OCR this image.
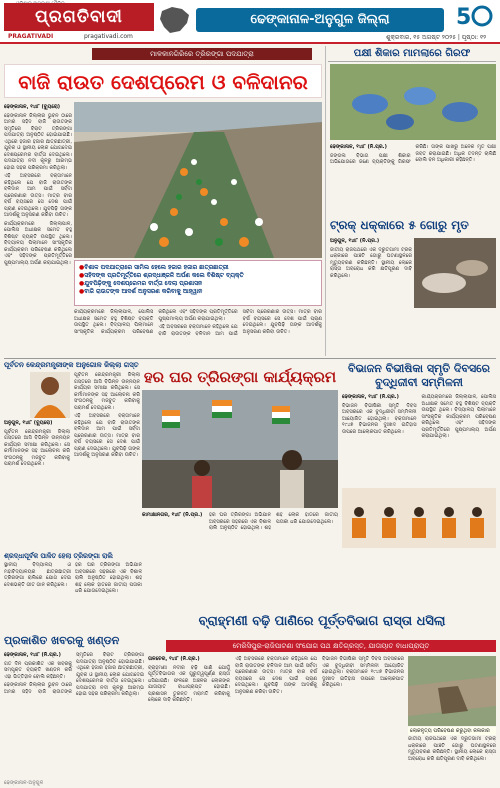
ପ୍ରଗତିବାଦୀ
PRAGATIVADI	pragativadi.com
ଢେଙ୍କାନାଳ-ଅନୁଗୁଳ ଜିଲ୍ଲା	5
ଶୁକ୍ରବାର, ୧୫ ଅଗଷ୍ଟ ୨୦୨୫ | ପୃଷ୍ଠା: ୧୨
ମାଳକାନଗିରିରେ ତ୍ରିରଙ୍ଗା ପଦଯାତ୍ରା
ବାଜି ରାଉତ ଦେଶପ୍ରେମ ଓ ବଳିଦାନର

ଢେଙ୍କାନାଳ, ୧୪ା୮ (ବ୍ୟୁରୋ)

ଢେଙ୍କାନାଳ ଜିଲ୍ଲାର ଭୁବନ ଠାରେ ଅମର ସହିଦ ବାଜି ରାଉତଙ୍କ ସ୍ମୃତିରେ ବିରାଟ ତ୍ରିରଙ୍ଗା ପଦଯାତ୍ରା ଅନୁଷ୍ଠିତ ହୋଇଯାଇଛି। ଏଥିରେ ହଜାର ହଜାର ଛାତ୍ରଛାତ୍ରୀ, ଯୁବକ ଓ ସ୍ଥାନୀୟ ଲୋକ ଯୋଗଦେଇ ଦେଶପ୍ରେମର ବାର୍ତ୍ତା ଦେଇଥିଲେ। ପଦଯାତ୍ରା ନଦୀ କୂଳରୁ ଆରମ୍ଭ ହୋଇ ସହର ପରିକ୍ରମା କରିଥିଲା।

ଏହି ଅବସରରେ ବକ୍ତାମାନେ କହିଥିଲେ ଯେ ବାଜି ରାଉତଙ୍କ ବଳିଦାନ ଆମ ପାଇଁ ସର୍ବଦା ପ୍ରେରଣାର ଉତ୍ସ। ମାତ୍ର ବାର ବର୍ଷ ବୟସରେ ସେ ଦେଶ ପାଇଁ ପ୍ରାଣ ଦେଇଥିଲେ। ଯୁବପିଢ଼ି ତାଙ୍କ ଆଦର୍ଶକୁ ଅନୁସରଣ କରିବା ଉଚିତ।

କାର୍ଯ୍ୟକ୍ରମରେ ଜିଲ୍ଲାପାଳ, ପୋଲିସ ଅଧୀକ୍ଷକ ସମେତ ବହୁ ବିଶିଷ୍ଟ ବ୍ୟକ୍ତି ଉପସ୍ଥିତ ଥିଲେ। ବିଦ୍ୟାଳୟ ପିଲାମାନେ ସାଂସ୍କୃତିକ କାର୍ଯ୍ୟକ୍ରମ ପରିବେଷଣ କରିଥିଲେ ଏବଂ ସହିଦଙ୍କ ପ୍ରତିମୂର୍ତ୍ତିରେ ପୁଷ୍ପମାଲ୍ୟ ଅର୍ପଣ କରାଯାଇଥିଲା।

● ବିଶାଳ ପଦଯାତ୍ରାରେ ସାମିଲ ହେଲେ ହଜାର ହଜାର ଛାତ୍ରଛାତ୍ରୀ
● ସହିଦଙ୍କ ପ୍ରତିମୂର୍ତ୍ତିରେ ଶ୍ରଦ୍ଧାଞ୍ଜଳି ଅର୍ପଣ କଲେ ବିଶିଷ୍ଟ ବ୍ୟକ୍ତି
● ଯୁବପିଢ଼ିଙ୍କୁ ଦେଶପ୍ରେମର ବାର୍ତ୍ତା ଦେଲା ପ୍ରଶାସନ
● ବାଜି ରାଉତଙ୍କ ଆଦର୍ଶ ଅନୁସରଣ କରିବାକୁ ଆହ୍ୱାନ

କାର୍ଯ୍ୟକ୍ରମରେ ଜିଲ୍ଲାପାଳ, ପୋଲିସ ଅଧୀକ୍ଷକ ସମେତ ବହୁ ବିଶିଷ୍ଟ ବ୍ୟକ୍ତି ଉପସ୍ଥିତ ଥିଲେ। ବିଦ୍ୟାଳୟ ପିଲାମାନେ ସାଂସ୍କୃତିକ କାର୍ଯ୍ୟକ୍ରମ ପରିବେଷଣ କରିଥିଲେ ଏବଂ ସହିଦଙ୍କ ପ୍ରତିମୂର୍ତ୍ତିରେ ପୁଷ୍ପମାଲ୍ୟ ଅର୍ପଣ କରାଯାଇଥିଲା।

ଏହି ଅବସରରେ ବକ୍ତାମାନେ କହିଥିଲେ ଯେ ବାଜି ରାଉତଙ୍କ ବଳିଦାନ ଆମ ପାଇଁ ସର୍ବଦା ପ୍ରେରଣାର ଉତ୍ସ। ମାତ୍ର ବାର ବର୍ଷ ବୟସରେ ସେ ଦେଶ ପାଇଁ ପ୍ରାଣ ଦେଇଥିଲେ। ଯୁବପିଢ଼ି ତାଙ୍କ ଆଦର୍ଶକୁ ଅନୁସରଣ କରିବା ଉଚିତ।

ପକ୍ଷୀ ଶିକାର ମାମଲାରେ ଗିରଫ

ଢେଙ୍କାନାଳ, ୧୪ା୮ (ନି.ପ୍ର.)

ଜଙ୍ଗଲ ବିଭାଗ ପକ୍ଷୀ ଶିକାର ଅଭିଯୋଗରେ ଜଣେ ବ୍ୟକ୍ତିଙ୍କୁ ଗିରଫ କରିଛି। ତାଙ୍କ ପାଖରୁ ଅନେକ ମୃତ ପକ୍ଷୀ ଜବତ କରାଯାଇଛି। ଅଧିକ ତଦନ୍ତ ଚାଲିଛି ବୋଲି ବନ ଅଧିକାରୀ କହିଛନ୍ତି।

ଟ୍ରକ୍ ଧକ୍କାରେ ୫ ଗୋରୁ ମୃତ

ଅନୁଗୁଳ, ୧୪ା୮ (ନି.ପ୍ର.)

ଜାତୀୟ ରାଜପଥରେ ଏକ ଦ୍ରୁତଗାମୀ ଟ୍ରକ୍ ଧକ୍କାରେ ପାଞ୍ଚଟି ଗୋରୁ ଘଟଣାସ୍ଥଳରେ ମୃତ୍ୟୁବରଣ କରିଛନ୍ତି। ସ୍ଥାନୀୟ ଲୋକେ ରାସ୍ତା ଅବରୋଧ କରି କ୍ଷତିପୂରଣ ଦାବି କରିଥିଲେ।

ପୂର୍ବତନ କେନ୍ଦ୍ରମନ୍ତ୍ରୀଙ୍କ ଅନୁଗୋଳ ଜିଲ୍ଲା ଗସ୍ତ

ଅନୁଗୁଳ, ୧୪ା୮ (ବ୍ୟୁରୋ)

ପୂର୍ବତନ କେନ୍ଦ୍ରମନ୍ତ୍ରୀ ଜିଲ୍ଲା ଗସ୍ତରେ ଆସି ବିଭିନ୍ନ ଉନ୍ନୟନ କାର୍ଯ୍ୟର ସମୀକ୍ଷା କରିଥିଲେ। ସେ କର୍ମୀମାନଙ୍କ ସହ ଆଲୋଚନା କରି ସଂଗଠନକୁ ମଜବୁତ କରିବାକୁ ପରାମର୍ଶ ଦେଇଥିଲେ।

ପୂର୍ବତନ କେନ୍ଦ୍ରମନ୍ତ୍ରୀ ଜିଲ୍ଲା ଗସ୍ତରେ ଆସି ବିଭିନ୍ନ ଉନ୍ନୟନ କାର୍ଯ୍ୟର ସମୀକ୍ଷା କରିଥିଲେ। ସେ କର୍ମୀମାନଙ୍କ ସହ ଆଲୋଚନା କରି ସଂଗଠନକୁ ମଜବୁତ କରିବାକୁ ପରାମର୍ଶ ଦେଇଥିଲେ।

ଏହି ଅବସରରେ ବକ୍ତାମାନେ କହିଥିଲେ ଯେ ବାଜି ରାଉତଙ୍କ ବଳିଦାନ ଆମ ପାଇଁ ସର୍ବଦା ପ୍ରେରଣାର ଉତ୍ସ। ମାତ୍ର ବାର ବର୍ଷ ବୟସରେ ସେ ଦେଶ ପାଇଁ ପ୍ରାଣ ଦେଇଥିଲେ। ଯୁବପିଢ଼ି ତାଙ୍କ ଆଦର୍ଶକୁ ଅନୁସରଣ କରିବା ଉଚିତ।

ହର ଘର ତ୍ରିରଙ୍ଗା କାର୍ଯ୍ୟକ୍ରମ

କାମାକ୍ଷାନଗର, ୧୪ା୮ (ନି.ପ୍ର.)	ହର ଘର ତ୍ରିରଙ୍ଗା ଅଭିଯାନ ଅବସରରେ ସହରରେ ଏକ ବିଶାଳ ରାଲି ଅନୁଷ୍ଠିତ ହୋଇଥିଲା। ଶହ ଶହ ଲୋକ ହାତରେ ଜାତୀୟ ପତାକା ଧରି ଯୋଗଦେଇଥିଲେ।

ବିଭାଜନ ବିଭୀଷିକା ସ୍ମୃତି ଦିବସରେ ବୁଦ୍ଧିଜୀବୀ ସମ୍ମିଳନୀ

ଢେଙ୍କାନାଳ, ୧୪ା୮ (ନି.ପ୍ର.)

ବିଭାଜନ ବିଭୀଷିକା ସ୍ମୃତି ଦିବସ ଅବସରରେ ଏକ ବୁଦ୍ଧିଜୀବୀ ସମ୍ମିଳନୀ ଆୟୋଜିତ ହୋଇଥିଲା। ବକ୍ତାମାନେ ୧୯୪୭ ବିଭାଜନର ଦୁଃଖଦ ଇତିହାସ ଉପରେ ଆଲୋକପାତ କରିଥିଲେ।

କାର୍ଯ୍ୟକ୍ରମରେ ଜିଲ୍ଲାପାଳ, ପୋଲିସ ଅଧୀକ୍ଷକ ସମେତ ବହୁ ବିଶିଷ୍ଟ ବ୍ୟକ୍ତି ଉପସ୍ଥିତ ଥିଲେ। ବିଦ୍ୟାଳୟ ପିଲାମାନେ ସାଂସ୍କୃତିକ କାର୍ଯ୍ୟକ୍ରମ ପରିବେଷଣ କରିଥିଲେ ଏବଂ ସହିଦଙ୍କ ପ୍ରତିମୂର୍ତ୍ତିରେ ପୁଷ୍ପମାଲ୍ୟ ଅର୍ପଣ କରାଯାଇଥିଲା।

ଶ୍ରଦ୍ଧାପୂର୍ବକ ପାଳିତ ହେଲା ତ୍ରିରଙ୍ଗା ରାଲି

ସ୍ଥାନୀୟ ବିଦ୍ୟାଳୟ ଓ ମହାବିଦ୍ୟାଳୟର ଛାତ୍ରଛାତ୍ରୀ ତ୍ରିରଙ୍ଗା ରାଲିରେ ଯୋଗ ଦେଇ ଦେଶଭକ୍ତି ଗୀତ ଗାନ କରିଥିଲେ।

ହର ଘର ତ୍ରିରଙ୍ଗା ଅଭିଯାନ ଅବସରରେ ସହରରେ ଏକ ବିଶାଳ ରାଲି ଅନୁଷ୍ଠିତ ହୋଇଥିଲା। ଶହ ଶହ ଲୋକ ହାତରେ ଜାତୀୟ ପତାକା ଧରି ଯୋଗଦେଇଥିଲେ।

ବ୍ରାହ୍ମଣୀ ବଢ଼ି ପାଣିରେ ପୂର୍ତ୍ତବିଭାଗ ରାସ୍ତା ଧସିଲା
ମେରିସିପୁର-ରାଜିପାଟଣା ସଂଯୋଗ ପଥ କ୍ଷତିଗ୍ରସ୍ତ, ଯାତାୟାତ ବାଧାପ୍ରାପ୍ତ
ପ୍ରକାଶିତ ଖବରକୁ ଖଣ୍ଡନ

ଢେଙ୍କାନାଳ, ୧୪ା୮ (ନି.ପ୍ର.)

ଗତ ଦିନ ପ୍ରକାଶିତ ଏକ ଖବରକୁ ସମ୍ପୃକ୍ତ ବ୍ୟକ୍ତି ଖଣ୍ଡନ କରି ଏହା ଭିତ୍ତିହୀନ ବୋଲି କହିଛନ୍ତି।

ଢେଙ୍କାନାଳ ଜିଲ୍ଲାର ଭୁବନ ଠାରେ ଅମର ସହିଦ ବାଜି ରାଉତଙ୍କ ସ୍ମୃତିରେ ବିରାଟ ତ୍ରିରଙ୍ଗା ପଦଯାତ୍ରା ଅନୁଷ୍ଠିତ ହୋଇଯାଇଛି। ଏଥିରେ ହଜାର ହଜାର ଛାତ୍ରଛାତ୍ରୀ, ଯୁବକ ଓ ସ୍ଥାନୀୟ ଲୋକ ଯୋଗଦେଇ ଦେଶପ୍ରେମର ବାର୍ତ୍ତା ଦେଇଥିଲେ। ପଦଯାତ୍ରା ନଦୀ କୂଳରୁ ଆରମ୍ଭ ହୋଇ ସହର ପରିକ୍ରମା କରିଥିଲା।

ତାଳଚେର, ୧୪ା୮ (ନି.ପ୍ର.)

ବ୍ରାହ୍ମଣୀ ନଦୀର ବଢ଼ି ପାଣି ଯୋଗୁଁ ପୂର୍ତ୍ତବିଭାଗର ଏକ ଗୁରୁତ୍ୱପୂର୍ଣ୍ଣ ରାସ୍ତା ଧସିଯାଇଛି। ଫଳରେ ଅଞ୍ଚଳର ଲୋକଙ୍କ ଯାତାୟାତ ବାଧାପ୍ରାପ୍ତ ହୋଇଛି। ପ୍ରଶାସନ ତୁରନ୍ତ ମରାମତି କରିବାକୁ ଲୋକେ ଦାବି କରିଛନ୍ତି।

ଏହି ଅବସରରେ ବକ୍ତାମାନେ କହିଥିଲେ ଯେ ବାଜି ରାଉତଙ୍କ ବଳିଦାନ ଆମ ପାଇଁ ସର୍ବଦା ପ୍ରେରଣାର ଉତ୍ସ। ମାତ୍ର ବାର ବର୍ଷ ବୟସରେ ସେ ଦେଶ ପାଇଁ ପ୍ରାଣ ଦେଇଥିଲେ। ଯୁବପିଢ଼ି ତାଙ୍କ ଆଦର୍ଶକୁ ଅନୁସରଣ କରିବା ଉଚିତ।

ବିଭାଜନ ବିଭୀଷିକା ସ୍ମୃତି ଦିବସ ଅବସରରେ ଏକ ବୁଦ୍ଧିଜୀବୀ ସମ୍ମିଳନୀ ଆୟୋଜିତ ହୋଇଥିଲା। ବକ୍ତାମାନେ ୧୯୪୭ ବିଭାଜନର ଦୁଃଖଦ ଇତିହାସ ଉପରେ ଆଲୋକପାତ କରିଥିଲେ।

ଲୋକନୃତ୍ୟ ପରିବେଷଣ କରୁଥିବା କଳାକାର

ଜାତୀୟ ରାଜପଥରେ ଏକ ଦ୍ରୁତଗାମୀ ଟ୍ରକ୍ ଧକ୍କାରେ ପାଞ୍ଚଟି ଗୋରୁ ଘଟଣାସ୍ଥଳରେ ମୃତ୍ୟୁବରଣ କରିଛନ୍ତି। ସ୍ଥାନୀୟ ଲୋକେ ରାସ୍ତା ଅବରୋଧ କରି କ୍ଷତିପୂରଣ ଦାବି କରିଥିଲେ।

ଢେଙ୍କାନାଳ-ଅନୁଗୁଳ
